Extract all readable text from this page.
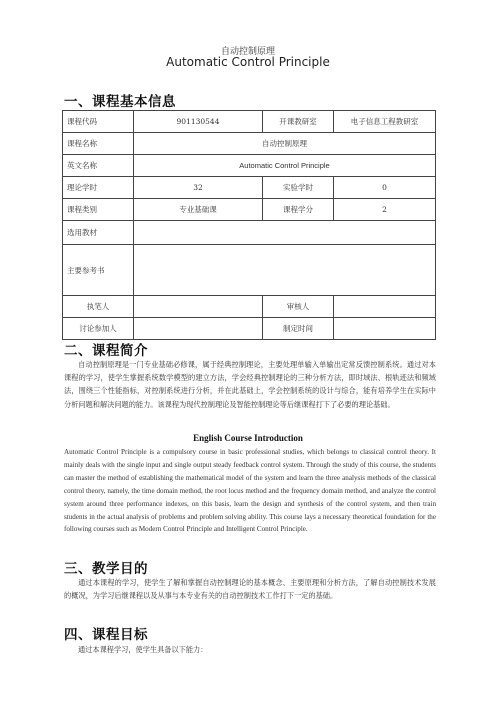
自动控制原理
Automatic Control Principle
一、课程基本信息
课程代码	901130544	开课教研室	电子信息工程教研室
课程名称	自动控制原理		
英文名称	Automatic Control Principle		
理论学时	32	实验学时	0
课程类别	专业基础课	课程学分	2
选用教材			
主要参考书			
执笔人		审核人	
讨论参加人		制定时间	
二、课程简介
自动控制原理是一门专业基础必修课，属于经典控制理论，主要处理单输入单输出定常反馈控制系统。通过对本课程的学习，使学生掌握系统数学模型的建立方法，学会经典控制理论的三种分析方法，即时域法、根轨迹法和频域法，围绕三个性能指标，对控制系统进行分析，并在此基础上，学会控制系统的设计与综合，能有培养学生在实际中分析问题和解决问题的能力。该课程为现代控制理论及智能控制理论等后继课程打下了必要的理论基础。
English Course Introduction
Automatic Control Principle is a compulsory course in basic professional studies, which belongs to classical control theory. It mainly deals with the single input and single output steady feedback control system. Through the study of this course, the students can master the method of establishing the mathematical model of the system and learn the three analysis methods of the classical control theory, namely, the time domain method, the root locus method and the frequency domain method, and analyze the control system around three performance indexes, on this basis, learn the design and synthesis of the control system, and then train students in the actual analysis of problems and problem solving ability. This course lays a necessary theoretical foundation for the following courses such as Modern Control Principle and Intelligent Control Principle.
三、教学目的
通过本课程的学习，使学生了解和掌握自动控制理论的基本概念、主要原理和分析方法，了解自动控制技术发展的概况，为学习后继课程以及从事与本专业有关的自动控制技术工作打下一定的基础。
四、课程目标
通过本课程学习，使学生具备以下能力：
